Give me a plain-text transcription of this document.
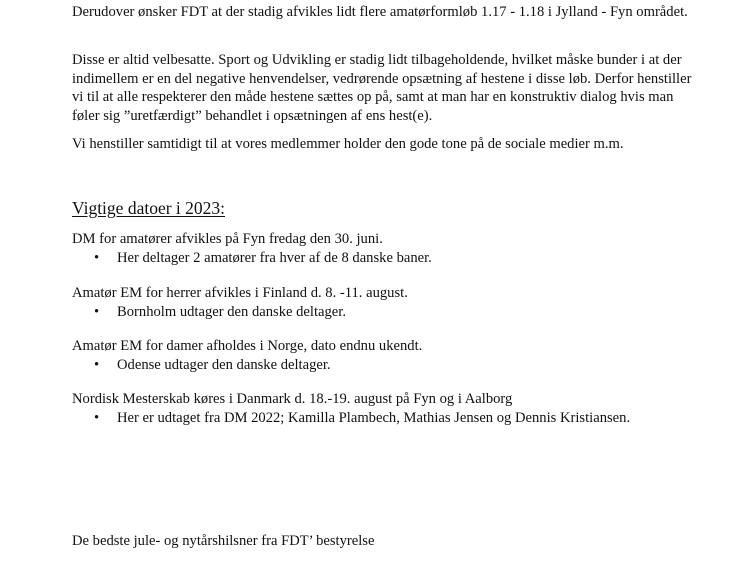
Derudover ønsker FDT at der stadig afvikles lidt flere amatørformløb 1.17 - 1.18 i Jylland - Fyn området.

Disse er altid velbesatte. Sport og Udvikling er stadig lidt tilbageholdende, hvilket måske bunder i at der indimellem er en del negative henvendelser, vedrørende opsætning af hestene i disse løb. Derfor henstiller vi til at alle respekterer den måde hestene sættes op på, samt at man har en konstruktiv dialog hvis man føler sig ”uretfærdigt” behandlet i opsætningen af ens hest(e).

Vi henstiller samtidigt til at vores medlemmer holder den gode tone på de sociale medier m.m.

Vigtige datoer i 2023:

DM for amatører afvikles på Fyn fredag den 30. juni.

• Her deltager 2 amatører fra hver af de 8 danske baner.

Amatør EM for herrer afvikles i Finland d. 8. -11. august.

• Bornholm udtager den danske deltager.

Amatør EM for damer afholdes i Norge, dato endnu ukendt.

• Odense udtager den danske deltager.

Nordisk Mesterskab køres i Danmark d. 18.-19. august på Fyn og i Aalborg

• Her er udtaget fra DM 2022; Kamilla Plambech, Mathias Jensen og Dennis Kristiansen.

De bedste jule- og nytårshilsner fra FDT’ bestyrelse
